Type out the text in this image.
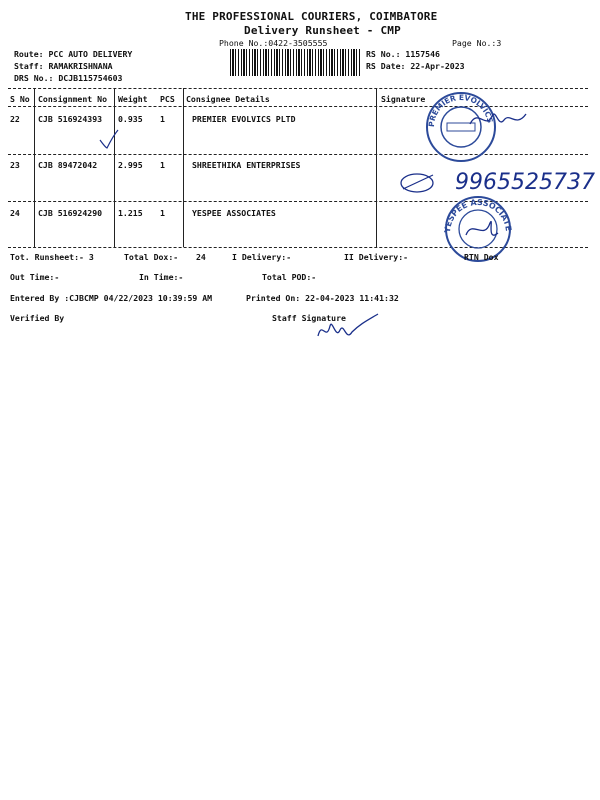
THE PROFESSIONAL COURIERS, COIMBATORE
Delivery Runsheet - CMP
Phone No.:0422-3505555	Page No.:3
Route: PCC AUTO DELIVERY
Staff: RAMAKRISHNANA
DRS No.: DCJB115754603
RS No.: 1157546
RS Date: 22-Apr-2023
S No Consignment No Weight PCS Consignee Details	Signature
22 CJB 516924393 0.935 1	PREMIER EVOLVICS PLTD
23 CJB 89472042	2.995 1	SHREETHIKA ENTERPRISES
24 CJB 516924290 1.215 1	YESPEE ASSOCIATES
PREMIER EVOLVICS
9965525737
YESPEE ASSOCIATES
Tot. Runsheet:- 3	Total Dox:- 24	I Delivery:-	II Delivery:-	RTN Dox
Out Time:-	In Time:-	Total POD:-
Entered By :CJBCMP 04/22/2023 10:39:59 AM	Printed On: 22-04-2023 11:41:32
Verified By	Staff Signature
